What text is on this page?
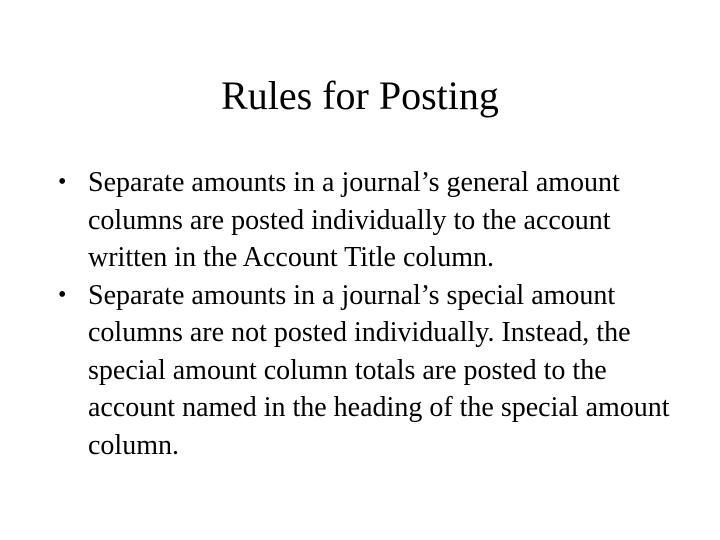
Rules for Posting
• Separate amounts in a journal’s general amount columns are posted individually to the account written in the Account Title column.
• Separate amounts in a journal’s special amount columns are not posted individually. Instead, the special amount column totals are posted to the account named in the heading of the special amount column.
